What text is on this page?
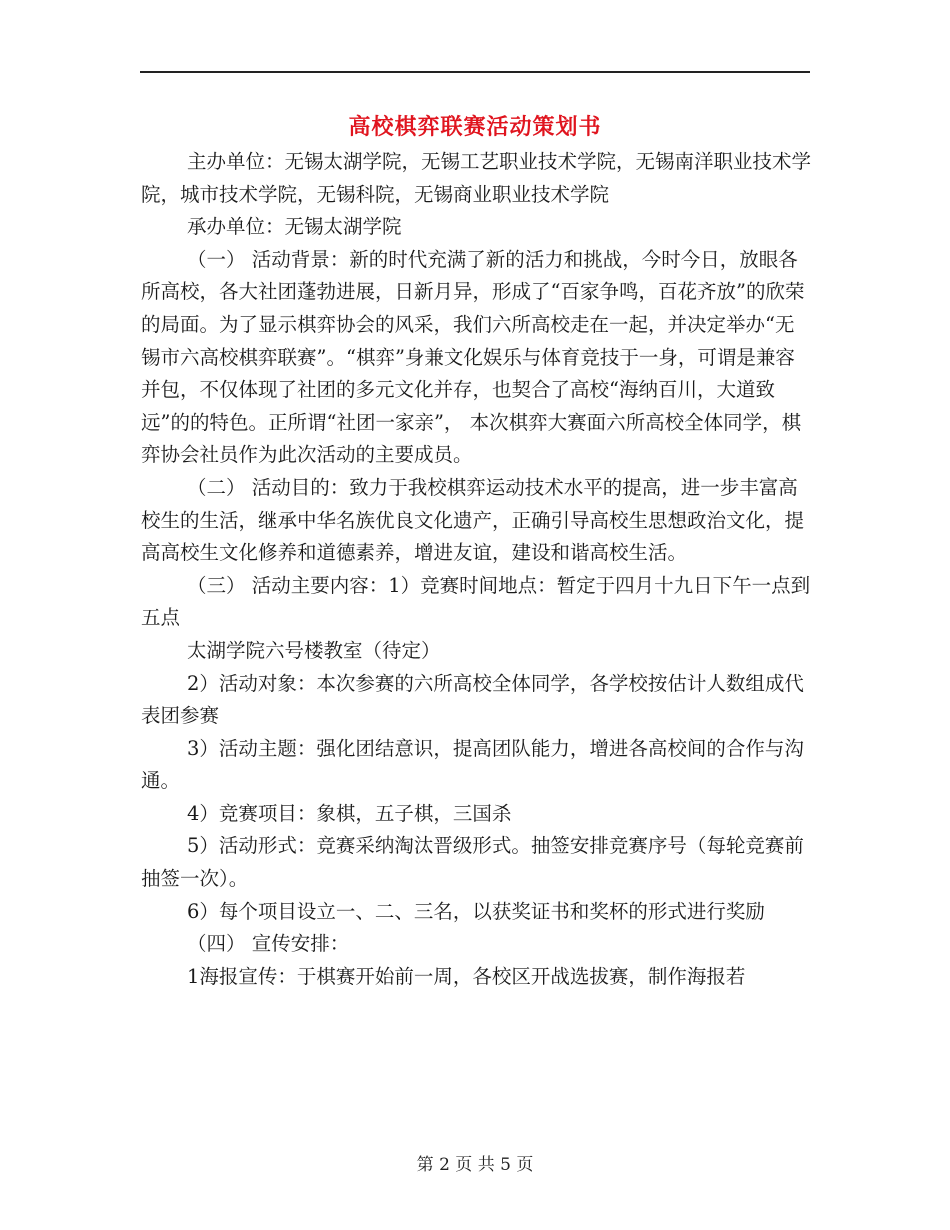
高校棋弈联赛活动策划书

主办单位：无锡太湖学院，无锡工艺职业技术学院，无锡南洋职业技术学院，城市技术学院，无锡科院，无锡商业职业技术学院

承办单位：无锡太湖学院

（一） 活动背景：新的时代充满了新的活力和挑战，今时今日，放眼各所高校，各大社团蓬勃进展，日新月异，形成了“百家争鸣，百花齐放”的欣荣的局面。为了显示棋弈协会的风采，我们六所高校走在一起，并决定举办“无锡市六高校棋弈联赛”。“棋弈”身兼文化娱乐与体育竞技于一身，可谓是兼容并包，不仅体现了社团的多元文化并存，也契合了高校“海纳百川，大道致远”的的特色。正所谓“社团一家亲”， 本次棋弈大赛面六所高校全体同学，棋弈协会社员作为此次活动的主要成员。

（二） 活动目的：致力于我校棋弈运动技术水平的提高，进一步丰富高校生的生活，继承中华名族优良文化遗产，正确引导高校生思想政治文化，提高高校生文化修养和道德素养，增进友谊，建设和谐高校生活。

（三） 活动主要内容：1）竞赛时间地点：暂定于四月十九日下午一点到五点

太湖学院六号楼教室（待定）

2）活动对象：本次参赛的六所高校全体同学，各学校按估计人数组成代表团参赛

3）活动主题：强化团结意识，提高团队能力，增进各高校间的合作与沟通。

4）竞赛项目：象棋，五子棋，三国杀

5）活动形式：竞赛采纳淘汰晋级形式。抽签安排竞赛序号（每轮竞赛前抽签一次）。

6）每个项目设立一、二、三名，以获奖证书和奖杯的形式进行奖励

（四） 宣传安排：

1海报宣传：于棋赛开始前一周，各校区开战选拔赛，制作海报若

第 2 页 共 5 页
